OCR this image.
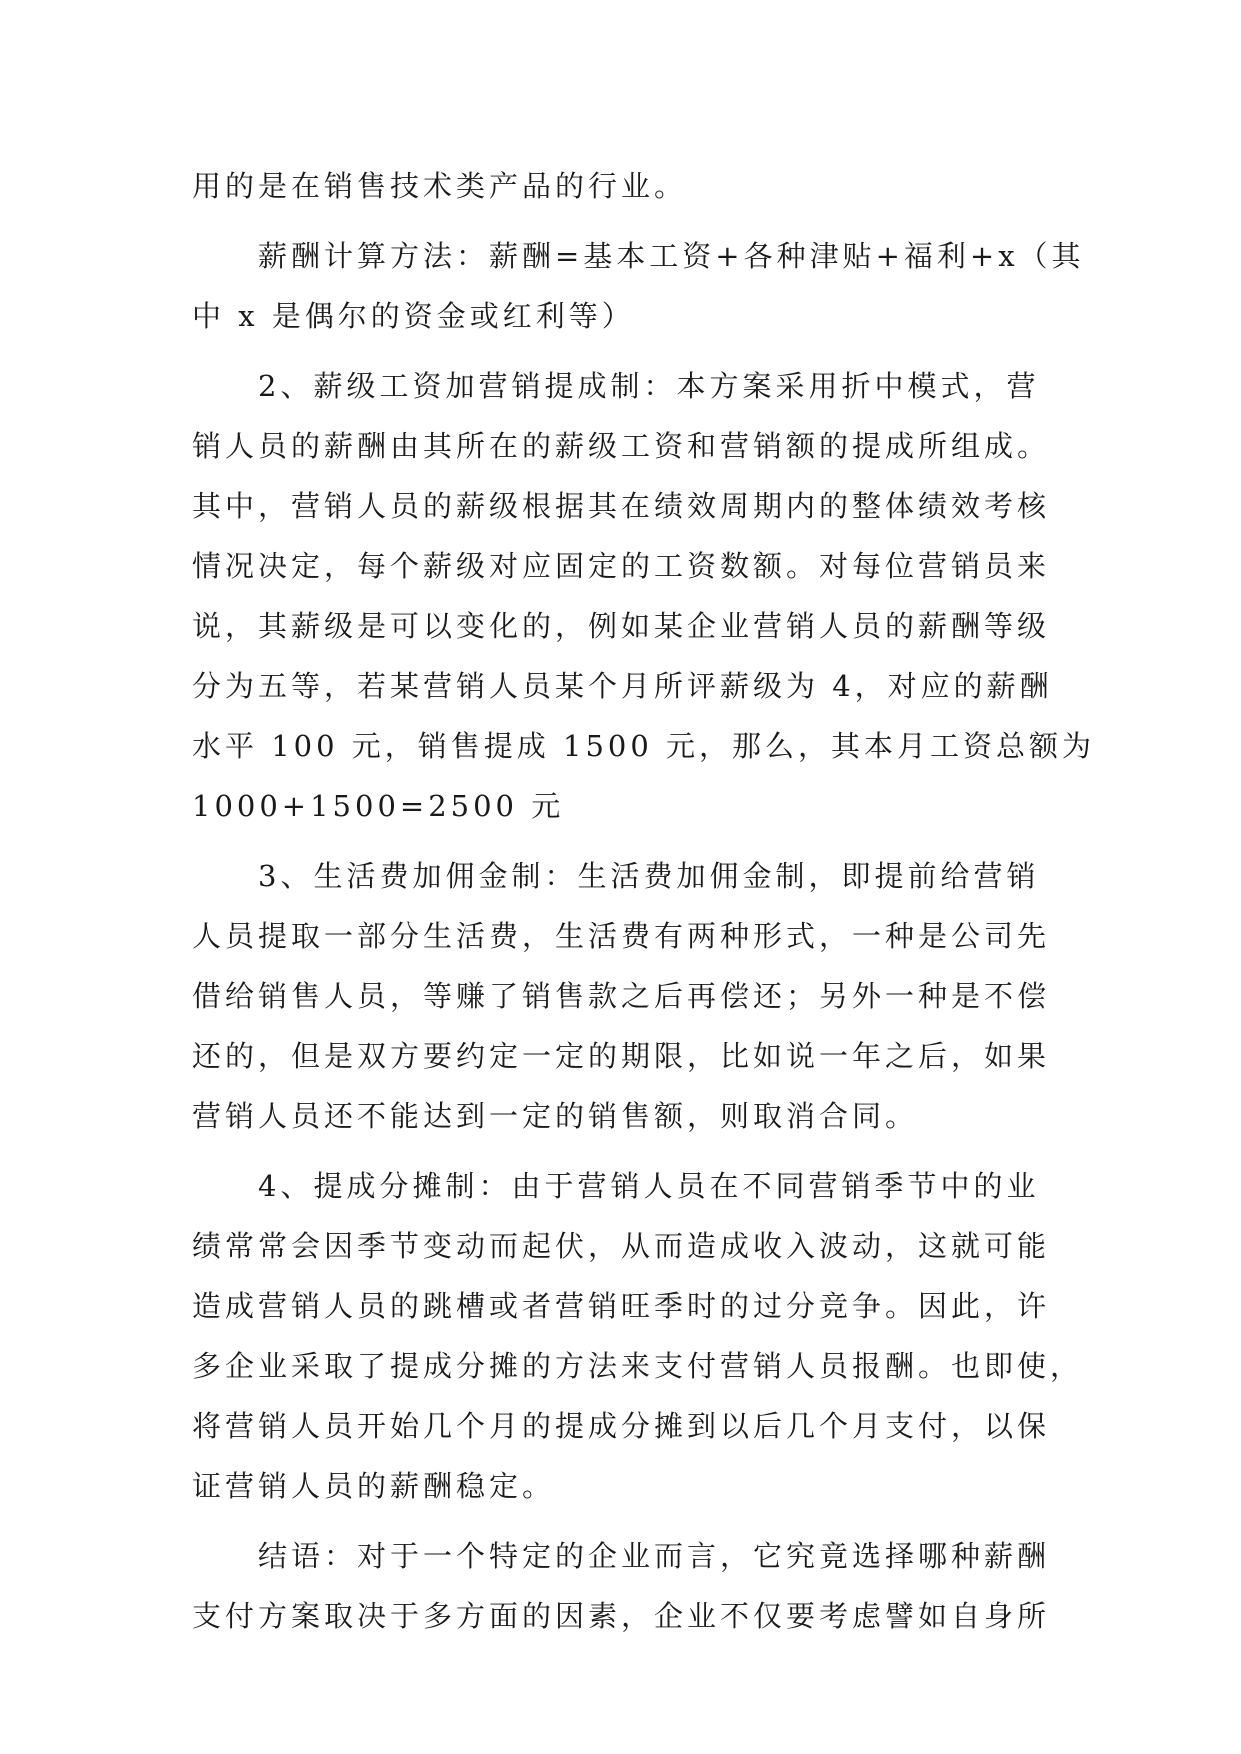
用的是在销售技术类产品的行业。
　　薪酬计算方法：薪酬=基本工资+各种津贴+福利+x（其
中 x 是偶尔的资金或红利等）
　　2、薪级工资加营销提成制：本方案采用折中模式，营
销人员的薪酬由其所在的薪级工资和营销额的提成所组成。
其中，营销人员的薪级根据其在绩效周期内的整体绩效考核
情况决定，每个薪级对应固定的工资数额。对每位营销员来
说，其薪级是可以变化的，例如某企业营销人员的薪酬等级
分为五等，若某营销人员某个月所评薪级为 4，对应的薪酬
水平 100 元，销售提成 1500 元，那么，其本月工资总额为
1000+1500=2500 元
　　3、生活费加佣金制：生活费加佣金制，即提前给营销
人员提取一部分生活费，生活费有两种形式，一种是公司先
借给销售人员，等赚了销售款之后再偿还；另外一种是不偿
还的，但是双方要约定一定的期限，比如说一年之后，如果
营销人员还不能达到一定的销售额，则取消合同。
　　4、提成分摊制：由于营销人员在不同营销季节中的业
绩常常会因季节变动而起伏，从而造成收入波动，这就可能
造成营销人员的跳槽或者营销旺季时的过分竞争。因此，许
多企业采取了提成分摊的方法来支付营销人员报酬。也即使，
将营销人员开始几个月的提成分摊到以后几个月支付，以保
证营销人员的薪酬稳定。
　　结语：对于一个特定的企业而言，它究竟选择哪种薪酬
支付方案取决于多方面的因素，企业不仅要考虑譬如自身所
